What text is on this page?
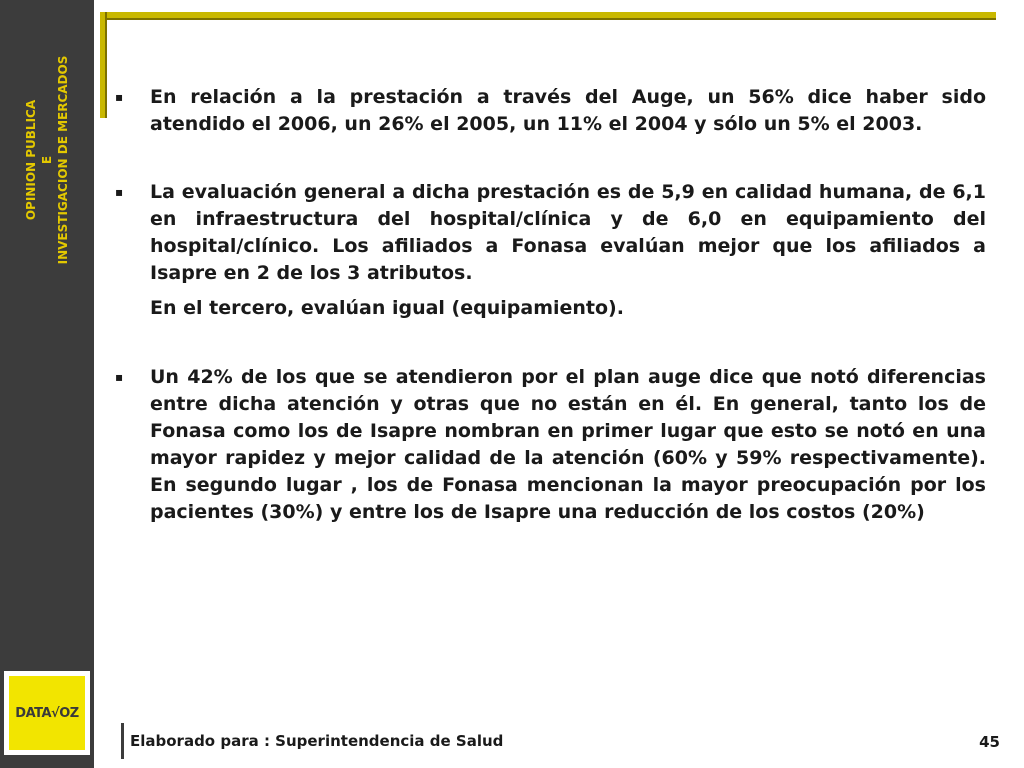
OPINION PUBLICA E INVESTIGACION DE MERCADOS
DATA√OZ
▪ En relación a la prestación a través del Auge, un 56% dice haber sido atendido el 2006, un 26% el 2005, un 11% el 2004 y sólo un 5% el 2003.

▪ La evaluación general a dicha prestación es de 5,9 en calidad humana, de 6,1 en infraestructura del hospital/clínica y de 6,0 en equipamiento del hospital/clínico. Los afiliados a Fonasa evalúan mejor que los afiliados a Isapre en 2 de los 3 atributos.

En el tercero, evalúan igual (equipamiento).

▪ Un 42% de los que se atendieron por el plan auge dice que notó diferencias entre dicha atención y otras que no están en él. En general, tanto los de Fonasa como los de Isapre nombran en primer lugar que esto se notó en una mayor rapidez y mejor calidad de la atención (60% y 59% respectivamente). En segundo lugar , los de Fonasa mencionan la mayor preocupación por los pacientes (30%) y entre los de Isapre una reducción de los costos (20%)

Elaborado para : Superintendencia de Salud	45
